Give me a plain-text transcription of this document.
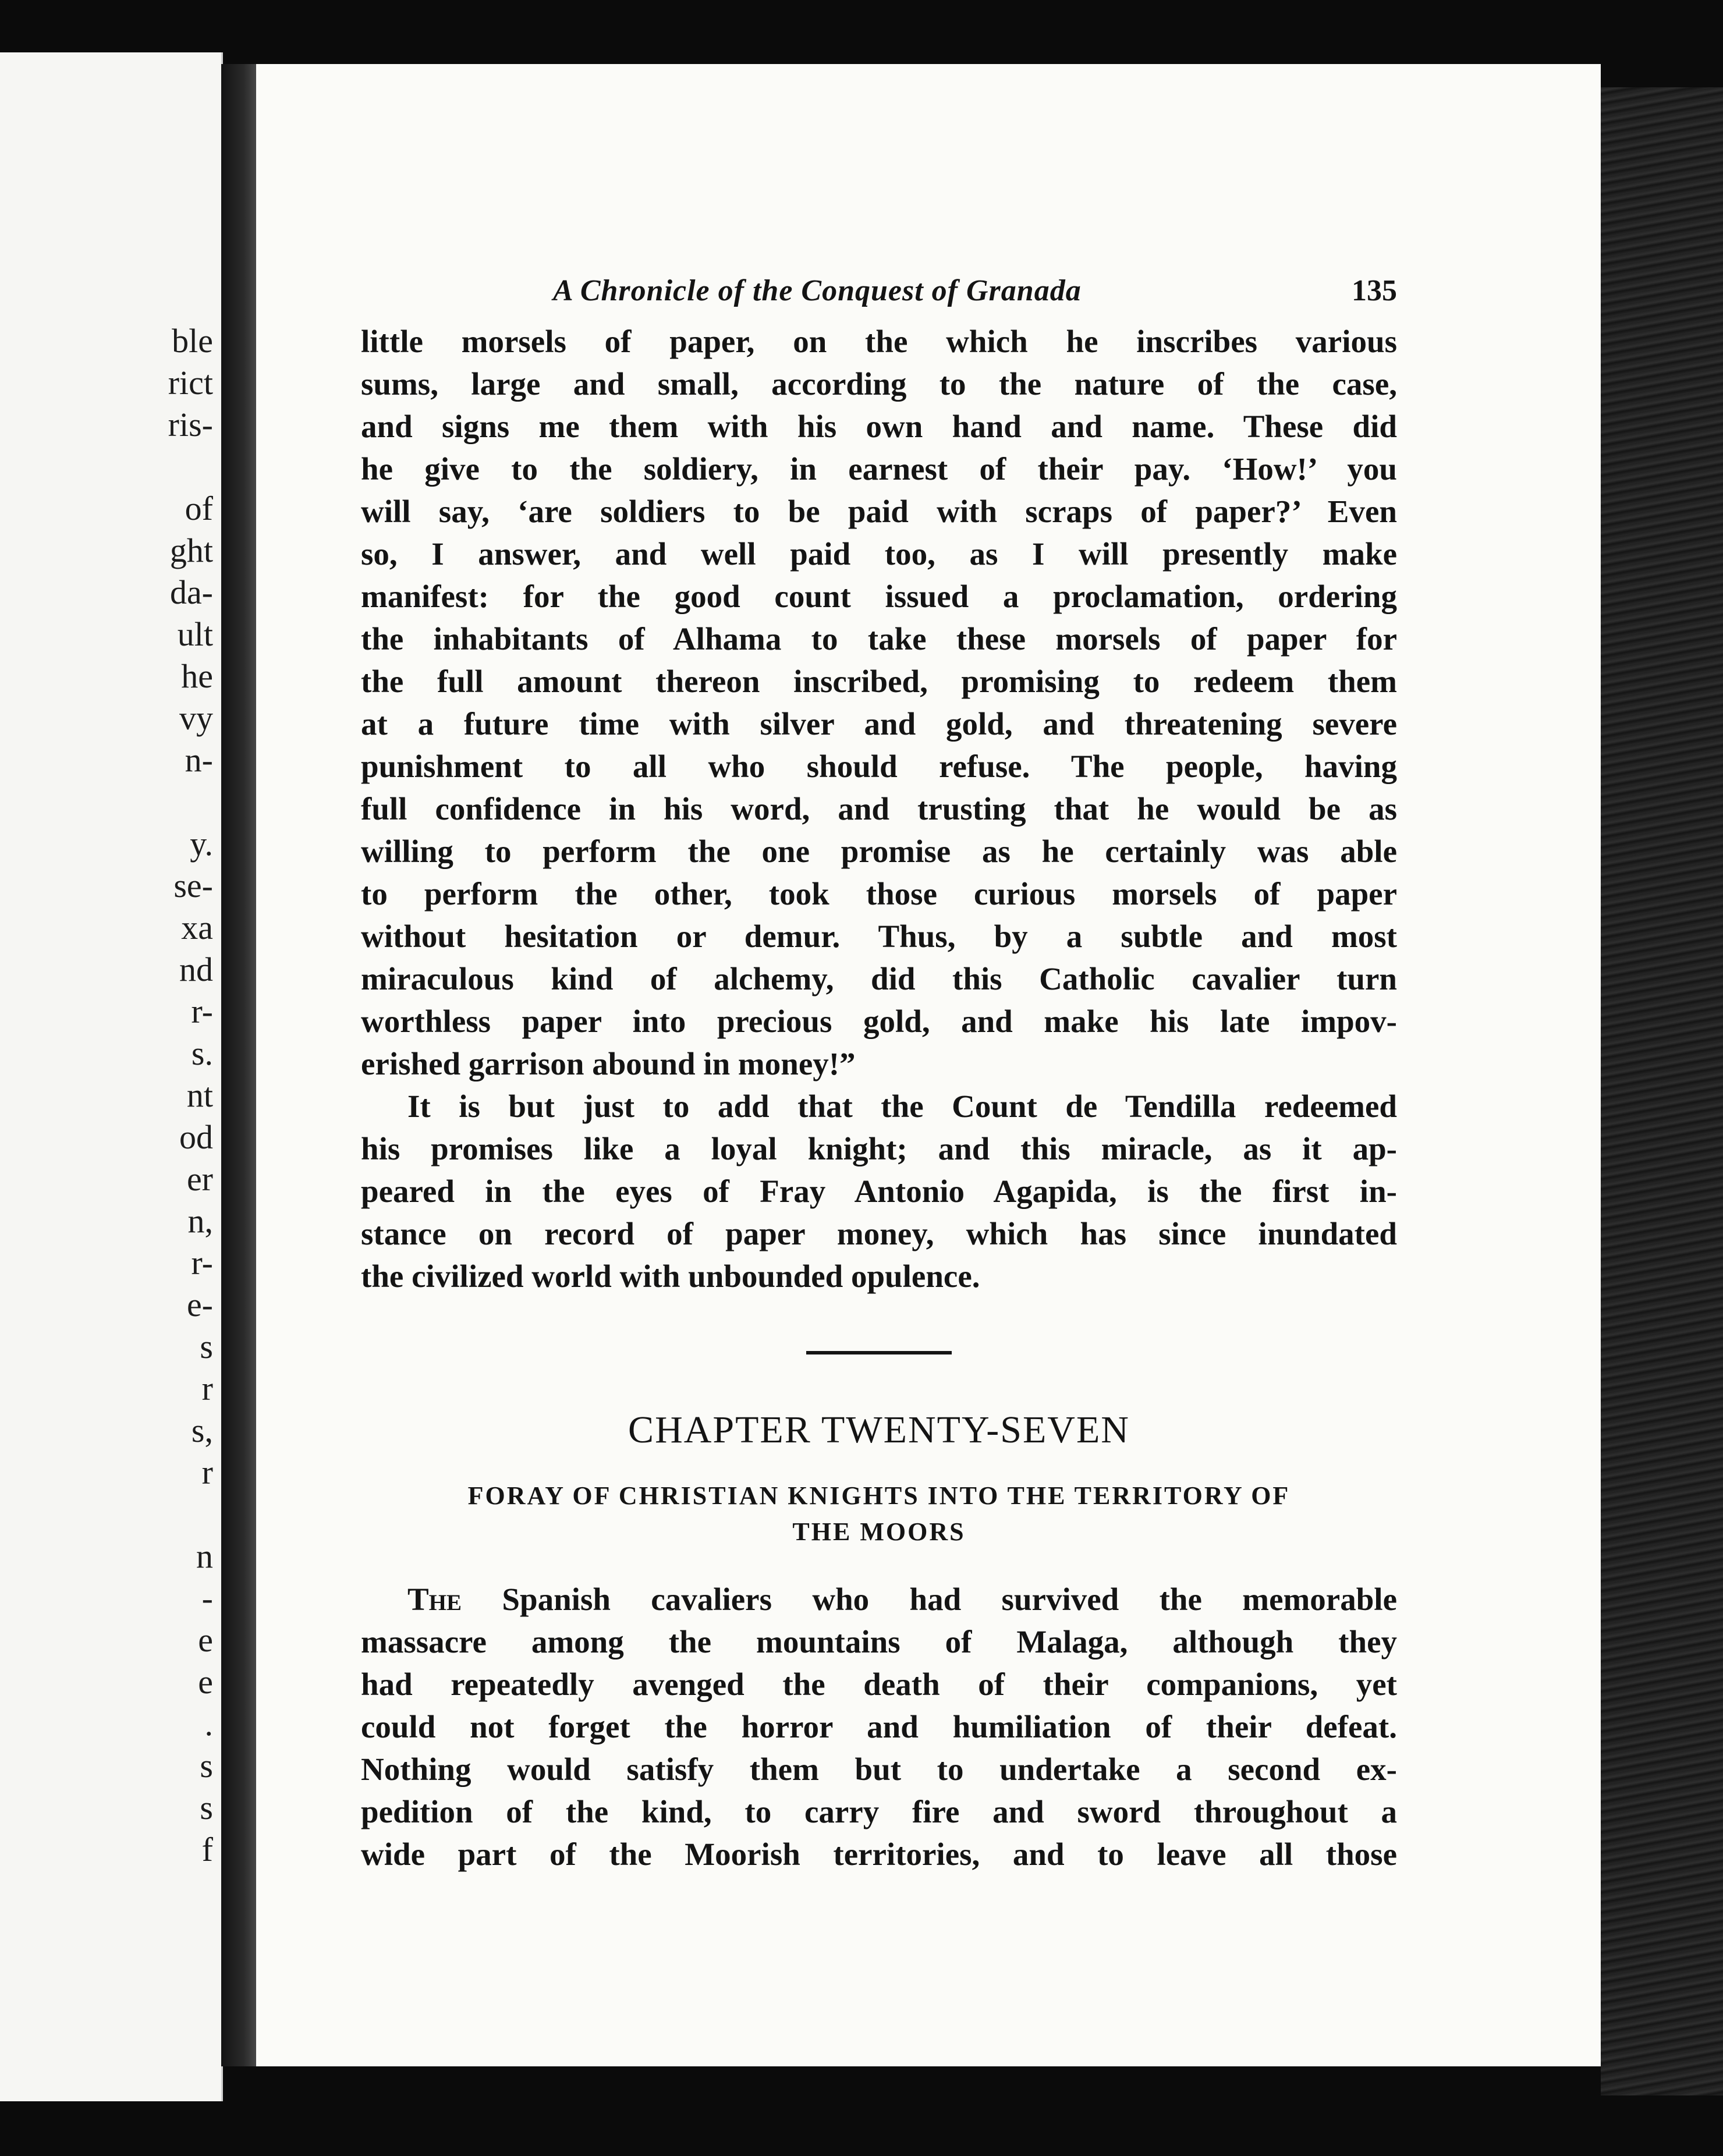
ble
rict
ris-
of
ght
da-
ult
he
vy
n-
y.
se-
xa
nd
r-
s.
nt
od
er
n,
r-
e-
s
r
s,
r
n
-
e
e
.
s
s
f
A Chronicle of the Conquest of Granada	135
little morsels of paper, on the which he inscribes various
sums, large and small, according to the nature of the case,
and signs me them with his own hand and name. These did
he give to the soldiery, in earnest of their pay. ‘How!’ you
will say, ‘are soldiers to be paid with scraps of paper?’ Even
so, I answer, and well paid too, as I will presently make
manifest: for the good count issued a proclamation, ordering
the inhabitants of Alhama to take these morsels of paper for
the full amount thereon inscribed, promising to redeem them
at a future time with silver and gold, and threatening severe
punishment to all who should refuse. The people, having
full confidence in his word, and trusting that he would be as
willing to perform the one promise as he certainly was able
to perform the other, took those curious morsels of paper
without hesitation or demur. Thus, by a subtle and most
miraculous kind of alchemy, did this Catholic cavalier turn
worthless paper into precious gold, and make his late impov-
erished garrison abound in money!”
It is but just to add that the Count de Tendilla redeemed
his promises like a loyal knight; and this miracle, as it ap-
peared in the eyes of Fray Antonio Agapida, is the first in-
stance on record of paper money, which has since inundated
the civilized world with unbounded opulence.
CHAPTER TWENTY-SEVEN
FORAY OF CHRISTIAN KNIGHTS INTO THE TERRITORY OF
THE MOORS
The Spanish cavaliers who had survived the memorable
massacre among the mountains of Malaga, although they
had repeatedly avenged the death of their companions, yet
could not forget the horror and humiliation of their defeat.
Nothing would satisfy them but to undertake a second ex-
pedition of the kind, to carry fire and sword throughout a
wide part of the Moorish territories, and to leave all those
